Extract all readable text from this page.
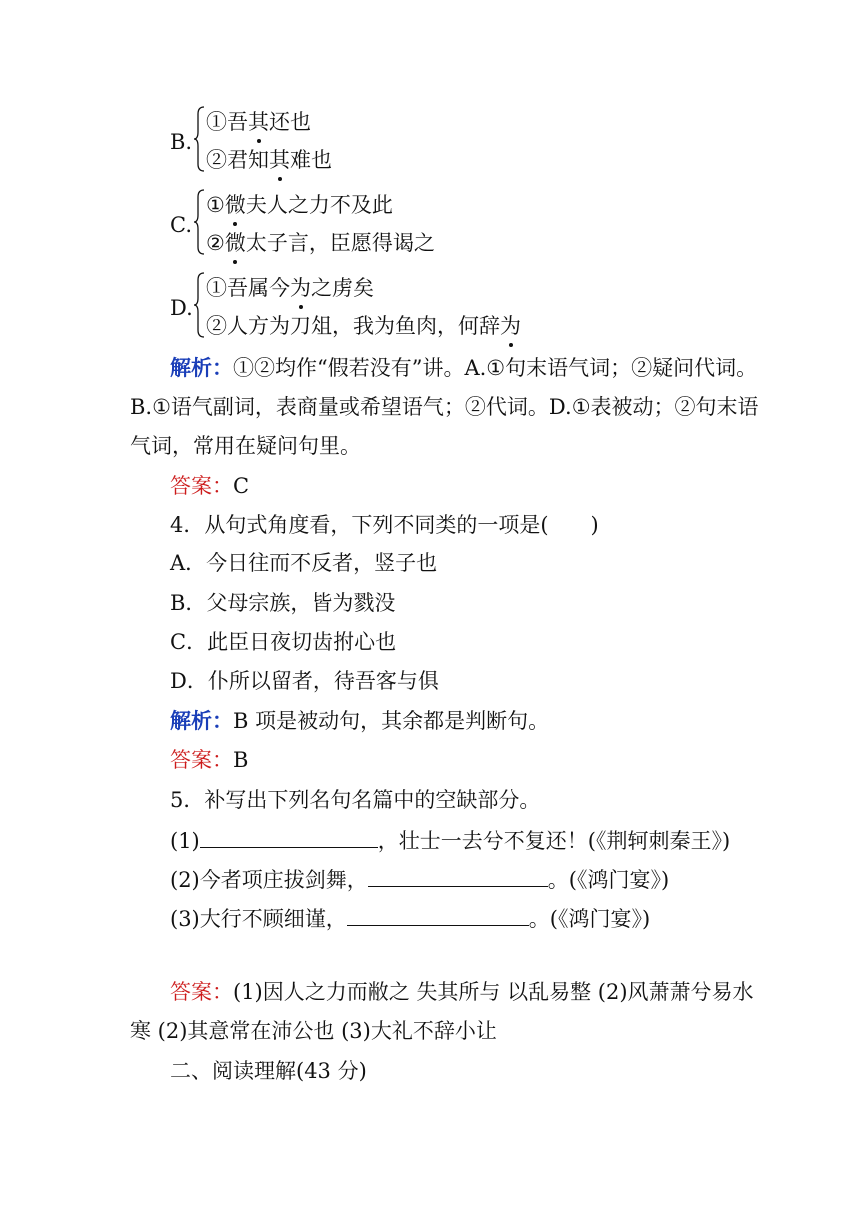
B.
①吾其还也
②君知其难也
C.
①微夫人之力不及此
②微太子言，臣愿得谒之
D.
①吾属今为之虏矣
②人方为刀俎，我为鱼肉，何辞为
解析：①②均作“假若没有”讲。A.①句末语气词；②疑问代词。
B.①语气副词，表商量或希望语气；②代词。D.①表被动；②句末语
气词，常用在疑问句里。
答案：C
4．从句式角度看，下列不同类的一项是(　　)
A．今日往而不反者，竖子也
B．父母宗族，皆为戮没
C．此臣日夜切齿拊心也
D．仆所以留者，待吾客与俱
解析：B 项是被动句，其余都是判断句。
答案：B
5．补写出下列名句名篇中的空缺部分。
(1)	，壮士一去兮不复还！(《荆轲刺秦王》)
(2)今者项庄拔剑舞，	。(《鸿门宴》)
(3)大行不顾细谨，	。(《鸿门宴》)
答案：(1)因人之力而敝之 失其所与 以乱易整 (2)风萧萧兮易水
寒 (2)其意常在沛公也 (3)大礼不辞小让
二、阅读理解(43 分)
